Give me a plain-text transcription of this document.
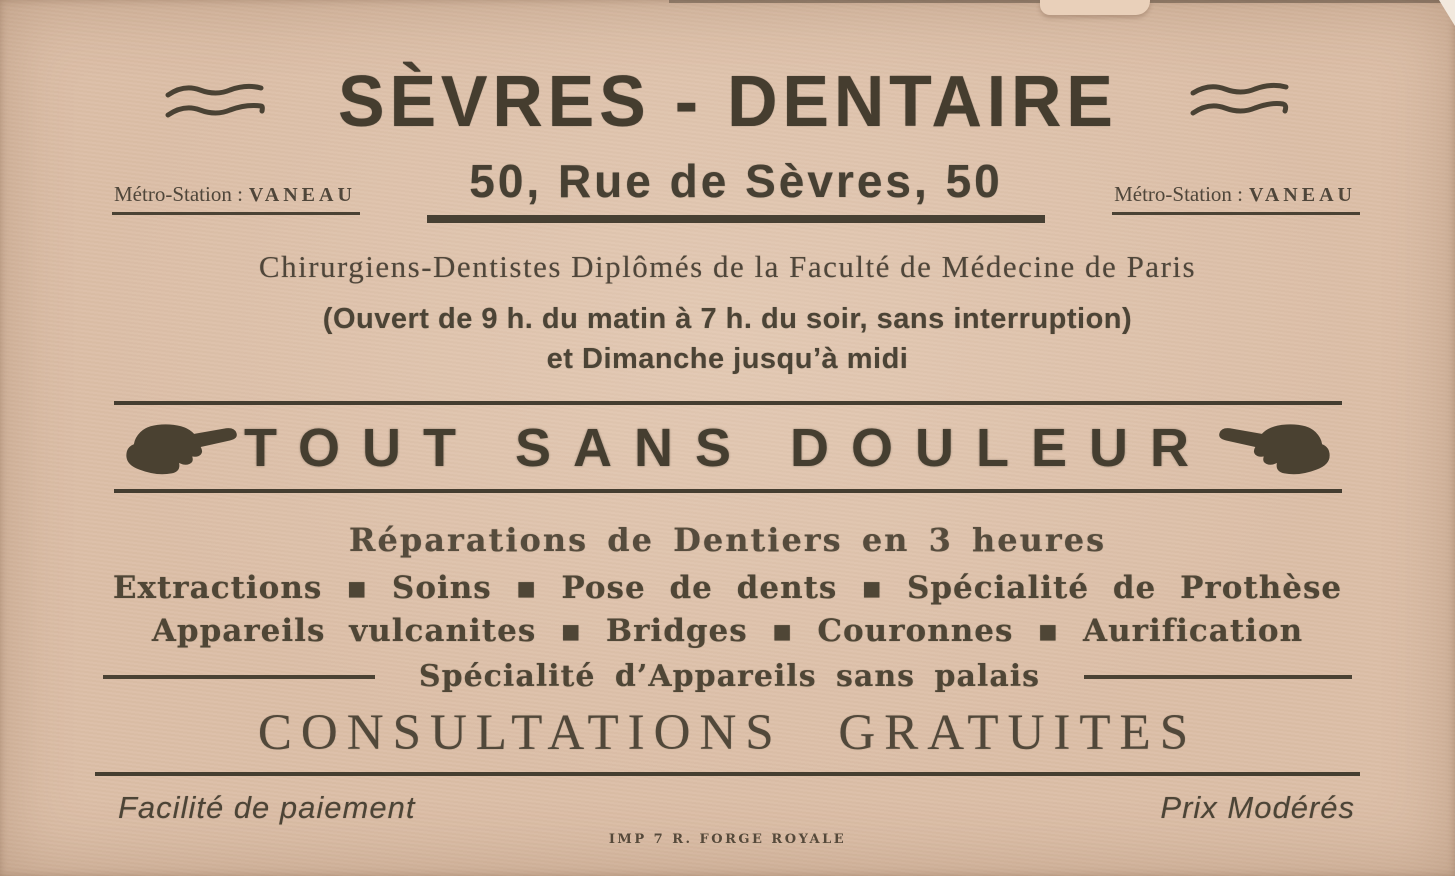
SÈVRES - DENTAIRE
Métro-Station : VANEAU	50, Rue de Sèvres, 50	Métro-Station : VANEAU
Chirurgiens-Dentistes Diplômés de la Faculté de Médecine de Paris
(Ouvert de 9 h. du matin à 7 h. du soir, sans interruption)
et Dimanche jusqu’à midi
TOUT SANS DOULEUR
Réparations de Dentiers en 3 heures
Extractions ▪ Soins ▪ Pose de dents ▪ Spécialité de Prothèse
Appareils vulcanites ▪ Bridges ▪ Couronnes ▪ Aurification
Spécialité d’Appareils sans palais
CONSULTATIONS GRATUITES
Facilité de paiement	Prix Modérés
IMP 7 R. FORGE ROYALE
